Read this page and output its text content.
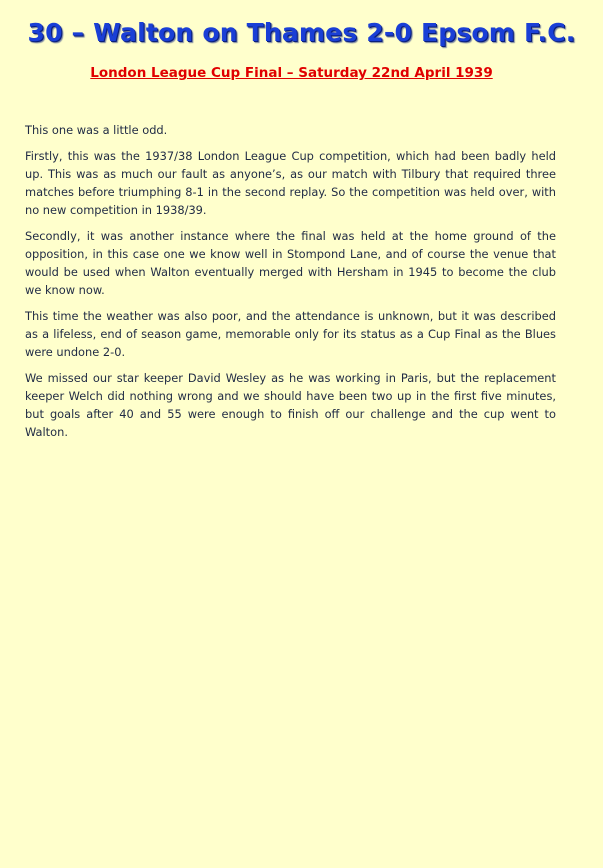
30 – Walton on Thames 2-0 Epsom F.C.
London League Cup Final – Saturday 22nd April 1939

This one was a little odd.

Firstly, this was the 1937/38 London League Cup competition, which had been badly held up. This was as much our fault as anyone’s, as our match with Tilbury that required three matches before triumphing 8-1 in the second replay. So the competition was held over, with no new competition in 1938/39.

Secondly, it was another instance where the final was held at the home ground of the opposition, in this case one we know well in Stompond Lane, and of course the venue that would be used when Walton eventually merged with Hersham in 1945 to become the club we know now.

This time the weather was also poor, and the attendance is unknown, but it was described as a lifeless, end of season game, memorable only for its status as a Cup Final as the Blues were undone 2-0.

We missed our star keeper David Wesley as he was working in Paris, but the replacement keeper Welch did nothing wrong and we should have been two up in the first five minutes, but goals after 40 and 55 were enough to finish off our challenge and the cup went to Walton.
